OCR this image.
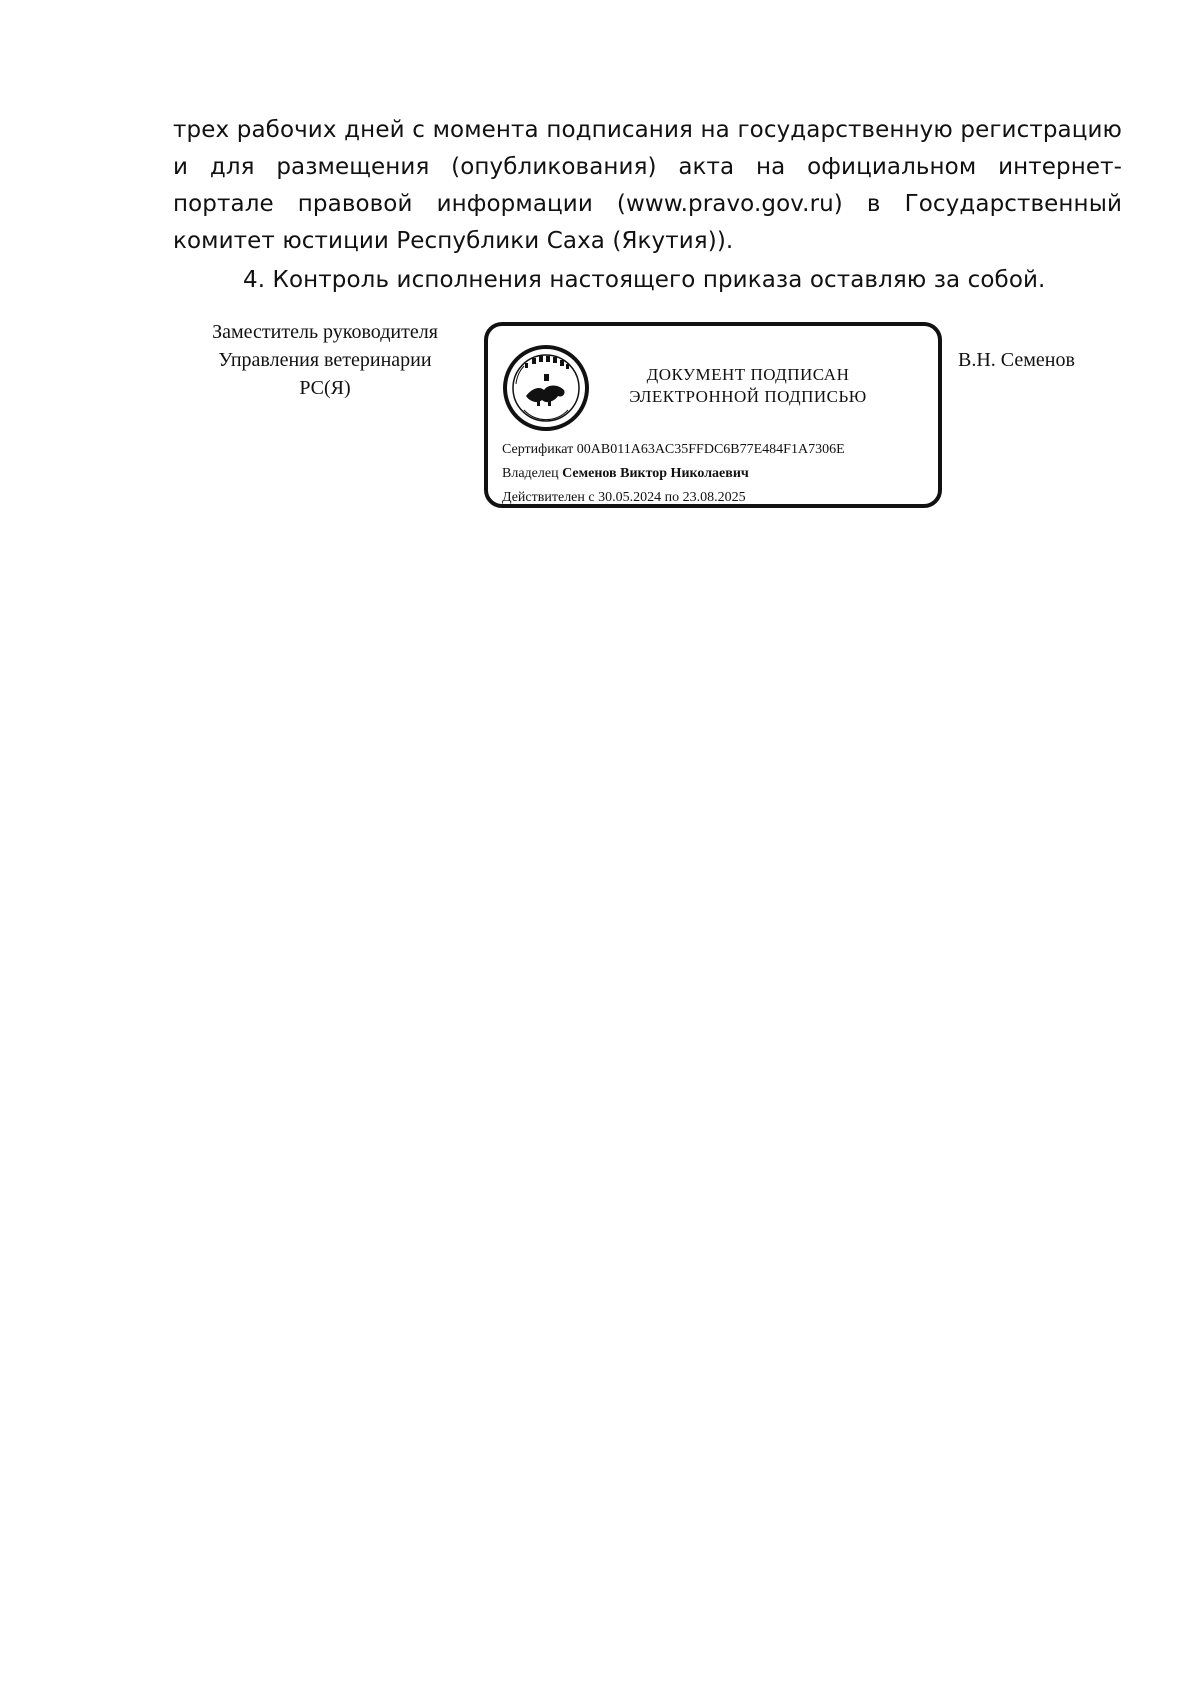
трех рабочих дней с момента подписания на государственную регистрацию и для размещения (опубликования) акта на официальном интернет-портале правовой информации (www.pravo.gov.ru) в Государственный комитет юстиции Республики Саха (Якутия)).

4. Контроль исполнения настоящего приказа оставляю за собой.

Заместитель руководителя
Управления ветеринарии
РС(Я)
ДОКУМЕНТ ПОДПИСАН
ЭЛЕКТРОННОЙ ПОДПИСЬЮ
Сертификат 00AB011A63AC35FFDC6B77E484F1A7306E
Владелец Семенов Виктор Николаевич
Действителен с 30.05.2024 по 23.08.2025
В.Н. Семенов
